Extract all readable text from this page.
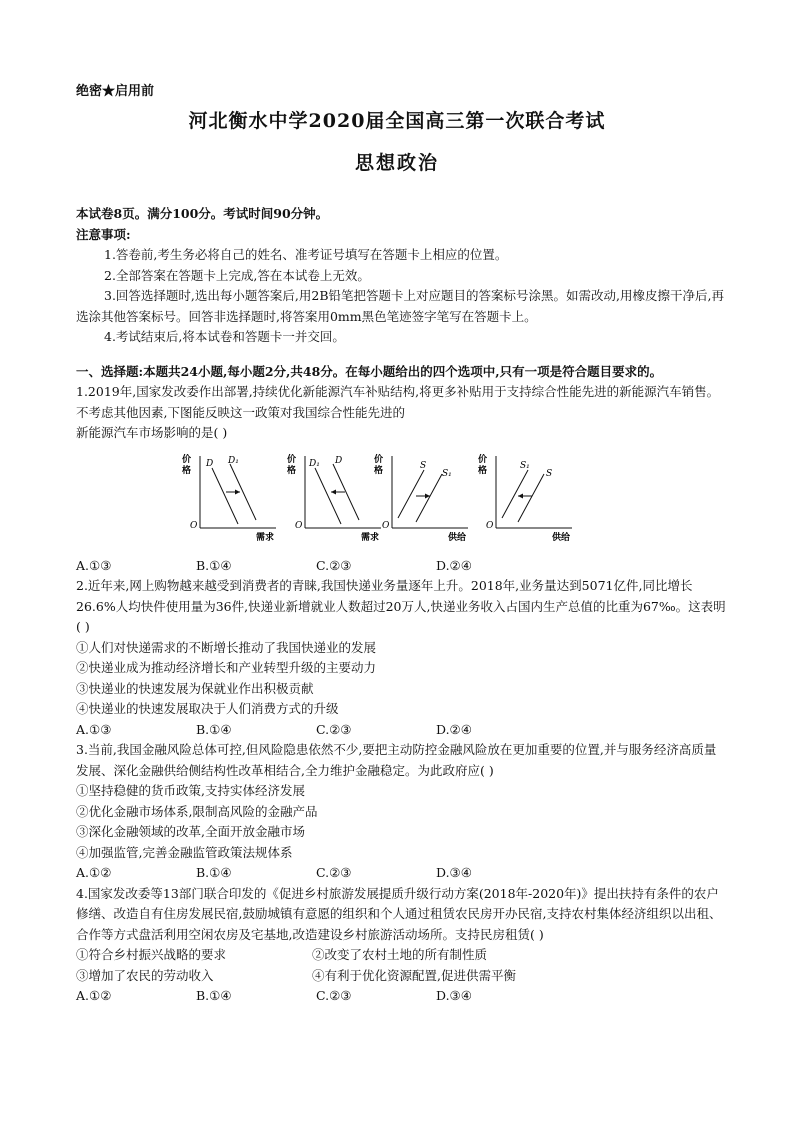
绝密★启用前
河北衡水中学2020届全国高三第一次联合考试
思想政治

本试卷8页。满分100分。考试时间90分钟。

注意事项:

1.答卷前,考生务必将自己的姓名、准考证号填写在答题卡上相应的位置。

2.全部答案在答题卡上完成,答在本试卷上无效。

3.回答选择题时,选出每小题答案后,用2B铅笔把答题卡上对应题目的答案标号涂黑。如需改动,用橡皮擦干净后,再选涂其他答案标号。回答非选择题时,将答案用0mm黑色笔迹签字笔写在答题卡上。

4.考试结束后,将本试卷和答题卡一并交回。

一、选择题:本题共24小题,每小题2分,共48分。在每小题给出的四个选项中,只有一项是符合题目要求的。

1.2019年,国家发改委作出部署,持续优化新能源汽车补贴结构,将更多补贴用于支持综合性能先进的新能源汽车销售。不考虑其他因素,下图能反映这一政策对我国综合性能先进的

新能源汽车市场影响的是( )

价
格
O
需求
D D₁	价
格
O
需求
D₁ D	价
格
O
供给
S
S₁
价
格
O
供给
S₁
S
A.①③	B.①④	C.②③	D.②④

2.近年来,网上购物越来越受到消费者的青睐,我国快递业务量逐年上升。2018年,业务量达到5071亿件,同比增长26.6%人均快件使用量为36件,快递业新增就业人数超过20万人,快递业务收入占国内生产总值的比重为67‰。这表明( )

①人们对快递需求的不断增长推动了我国快递业的发展

②快递业成为推动经济增长和产业转型升级的主要动力

③快递业的快速发展为保就业作出积极贡献

④快递业的快速发展取决于人们消费方式的升级

A.①③	B.①④	C.②③	D.②④

3.当前,我国金融风险总体可控,但风险隐患依然不少,要把主动防控金融风险放在更加重要的位置,并与服务经济高质量发展、深化金融供给侧结构性改革相结合,全力维护金融稳定。为此政府应( )

①坚持稳健的货币政策,支持实体经济发展

②优化金融市场体系,限制高风险的金融产品

③深化金融领域的改革,全面开放金融市场

④加强监管,完善金融监管政策法规体系

A.①②	B.①④	C.②③	D.③④

4.国家发改委等13部门联合印发的《促进乡村旅游发展提质升级行动方案(2018年-2020年)》提出扶持有条件的农户修缮、改造自有住房发展民宿,鼓励城镇有意愿的组织和个人通过租赁农民房开办民宿,支持农村集体经济组织以出租、合作等方式盘活利用空闲农房及宅基地,改造建设乡村旅游活动场所。支持民房租赁( )

①符合乡村振兴战略的要求	②改变了农村土地的所有制性质
③增加了农民的劳动收入	④有利于优化资源配置,促进供需平衡
A.①②	B.①④	C.②③	D.③④
